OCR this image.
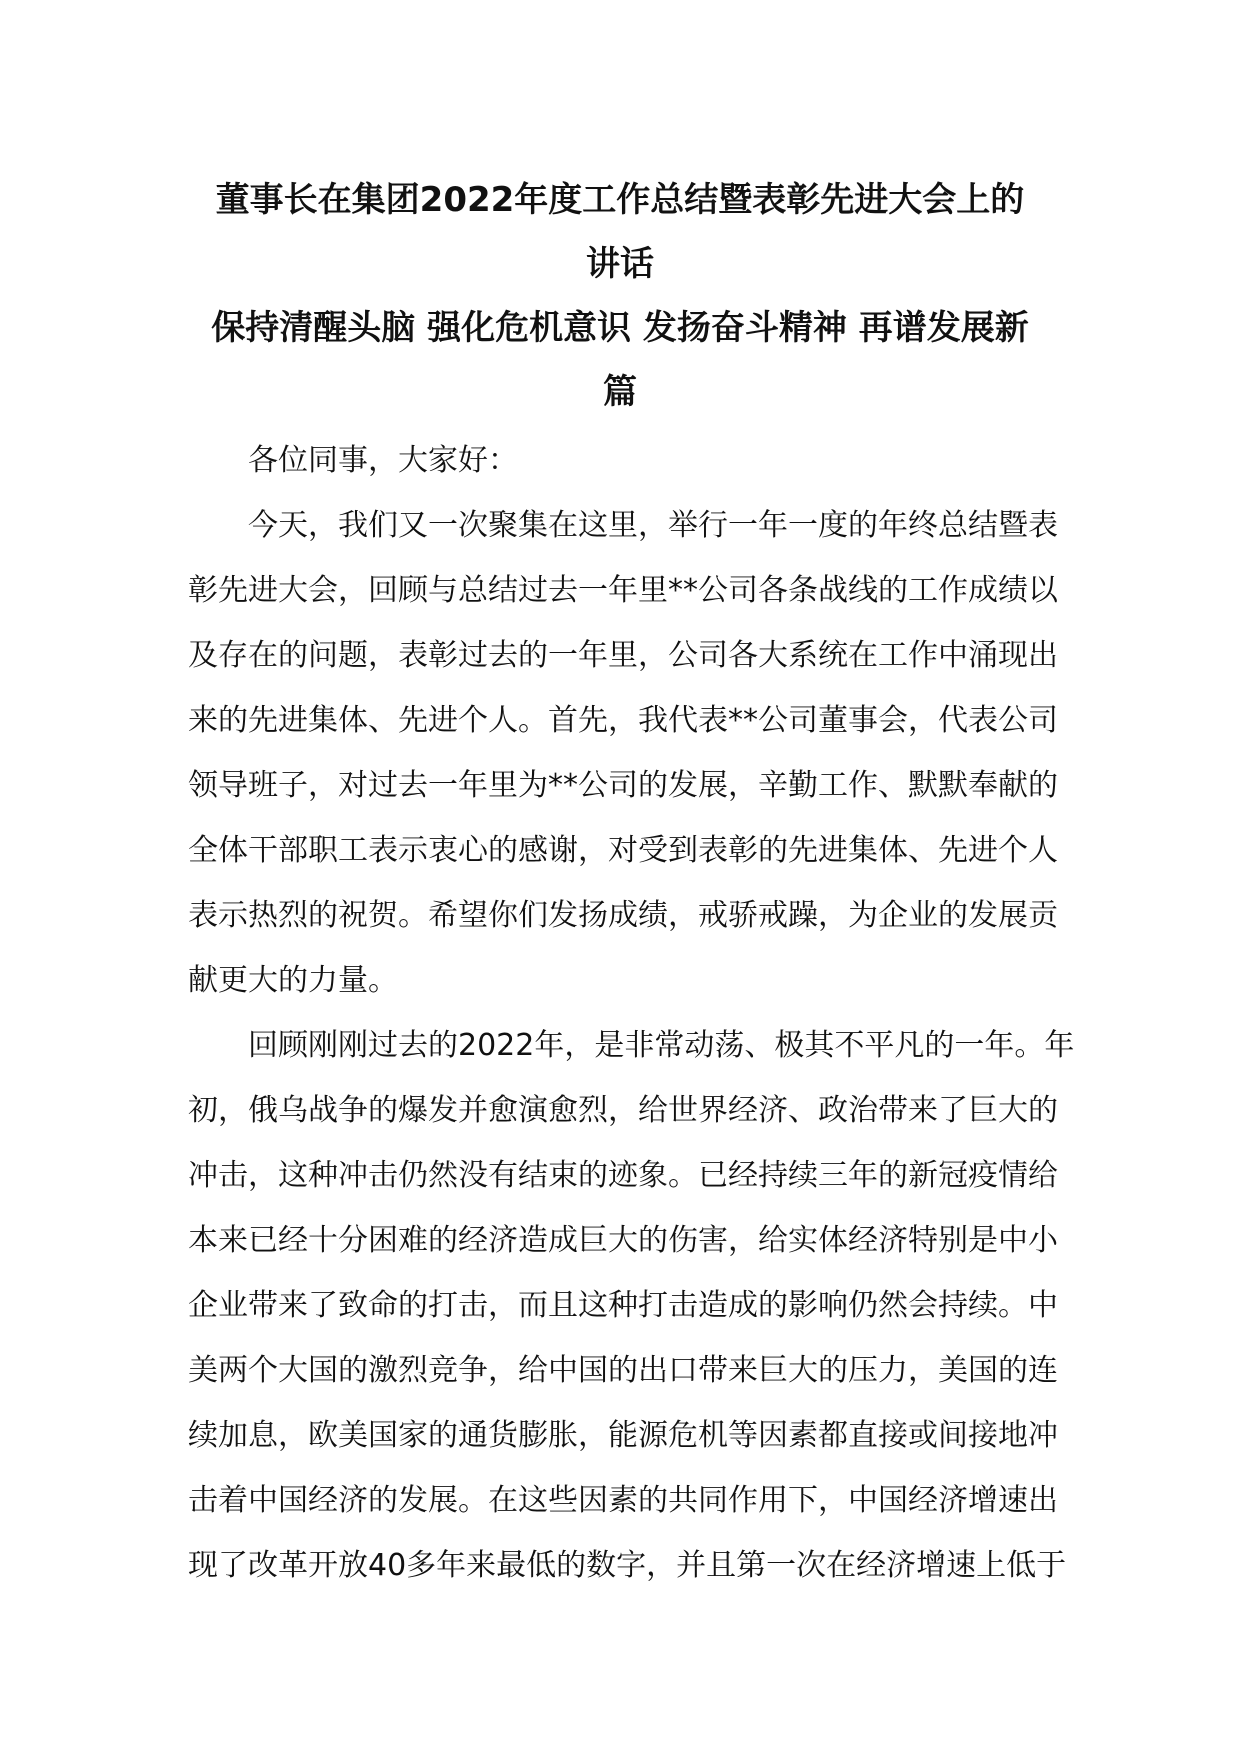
董事长在集团2022年度工作总结暨表彰先进大会上的
讲话
保持清醒头脑 强化危机意识 发扬奋斗精神 再谱发展新
篇

各位同事，大家好：

今天，我们又一次聚集在这里，举行一年一度的年终总结暨表

彰先进大会，回顾与总结过去一年里**公司各条战线的工作成绩以

及存在的问题，表彰过去的一年里，公司各大系统在工作中涌现出

来的先进集体、先进个人。首先，我代表**公司董事会，代表公司

领导班子，对过去一年里为**公司的发展，辛勤工作、默默奉献的

全体干部职工表示衷心的感谢，对受到表彰的先进集体、先进个人

表示热烈的祝贺。希望你们发扬成绩，戒骄戒躁，为企业的发展贡

献更大的力量。

回顾刚刚过去的2022年，是非常动荡、极其不平凡的一年。年

初，俄乌战争的爆发并愈演愈烈，给世界经济、政治带来了巨大的

冲击，这种冲击仍然没有结束的迹象。已经持续三年的新冠疫情给

本来已经十分困难的经济造成巨大的伤害，给实体经济特别是中小

企业带来了致命的打击，而且这种打击造成的影响仍然会持续。中

美两个大国的激烈竞争，给中国的出口带来巨大的压力，美国的连

续加息，欧美国家的通货膨胀，能源危机等因素都直接或间接地冲

击着中国经济的发展。在这些因素的共同作用下，中国经济增速出

现了改革开放40多年来最低的数字，并且第一次在经济增速上低于
